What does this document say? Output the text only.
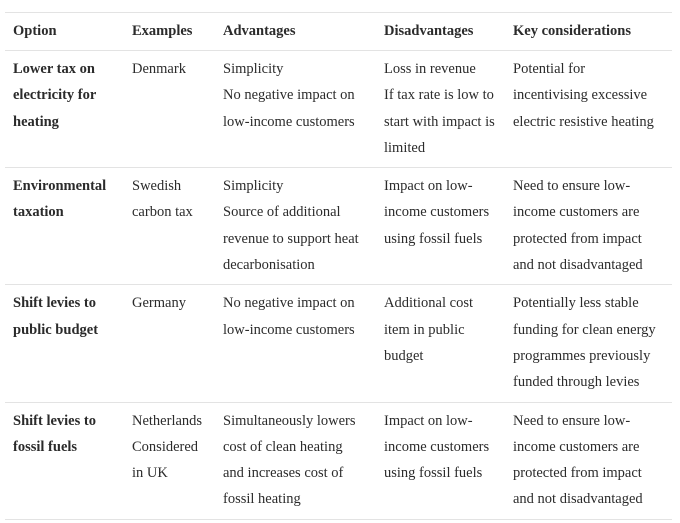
Option	Examples	Advantages	Disadvantages	Key considerations

Lower tax on
electricity for
heating	Denmark	Simplicity
No negative impact on
low-income customers	Loss in revenue
If tax rate is low to
start with impact is
limited	Potential for
incentivising excessive
electric resistive heating

Environmental
taxation	Swedish
carbon tax	Simplicity
Source of additional
revenue to support heat
decarbonisation	Impact on low-
income customers
using fossil fuels	Need to ensure low-
income customers are
protected from impact
and not disadvantaged

Shift levies to
public budget	Germany	No negative impact on
low-income customers	Additional cost
item in public
budget	Potentially less stable
funding for clean energy
programmes previously
funded through levies

Shift levies to
fossil fuels	Netherlands
Considered
in UK	Simultaneously lowers
cost of clean heating
and increases cost of
fossil heating	Impact on low-
income customers
using fossil fuels	Need to ensure low-
income customers are
protected from impact
and not disadvantaged
